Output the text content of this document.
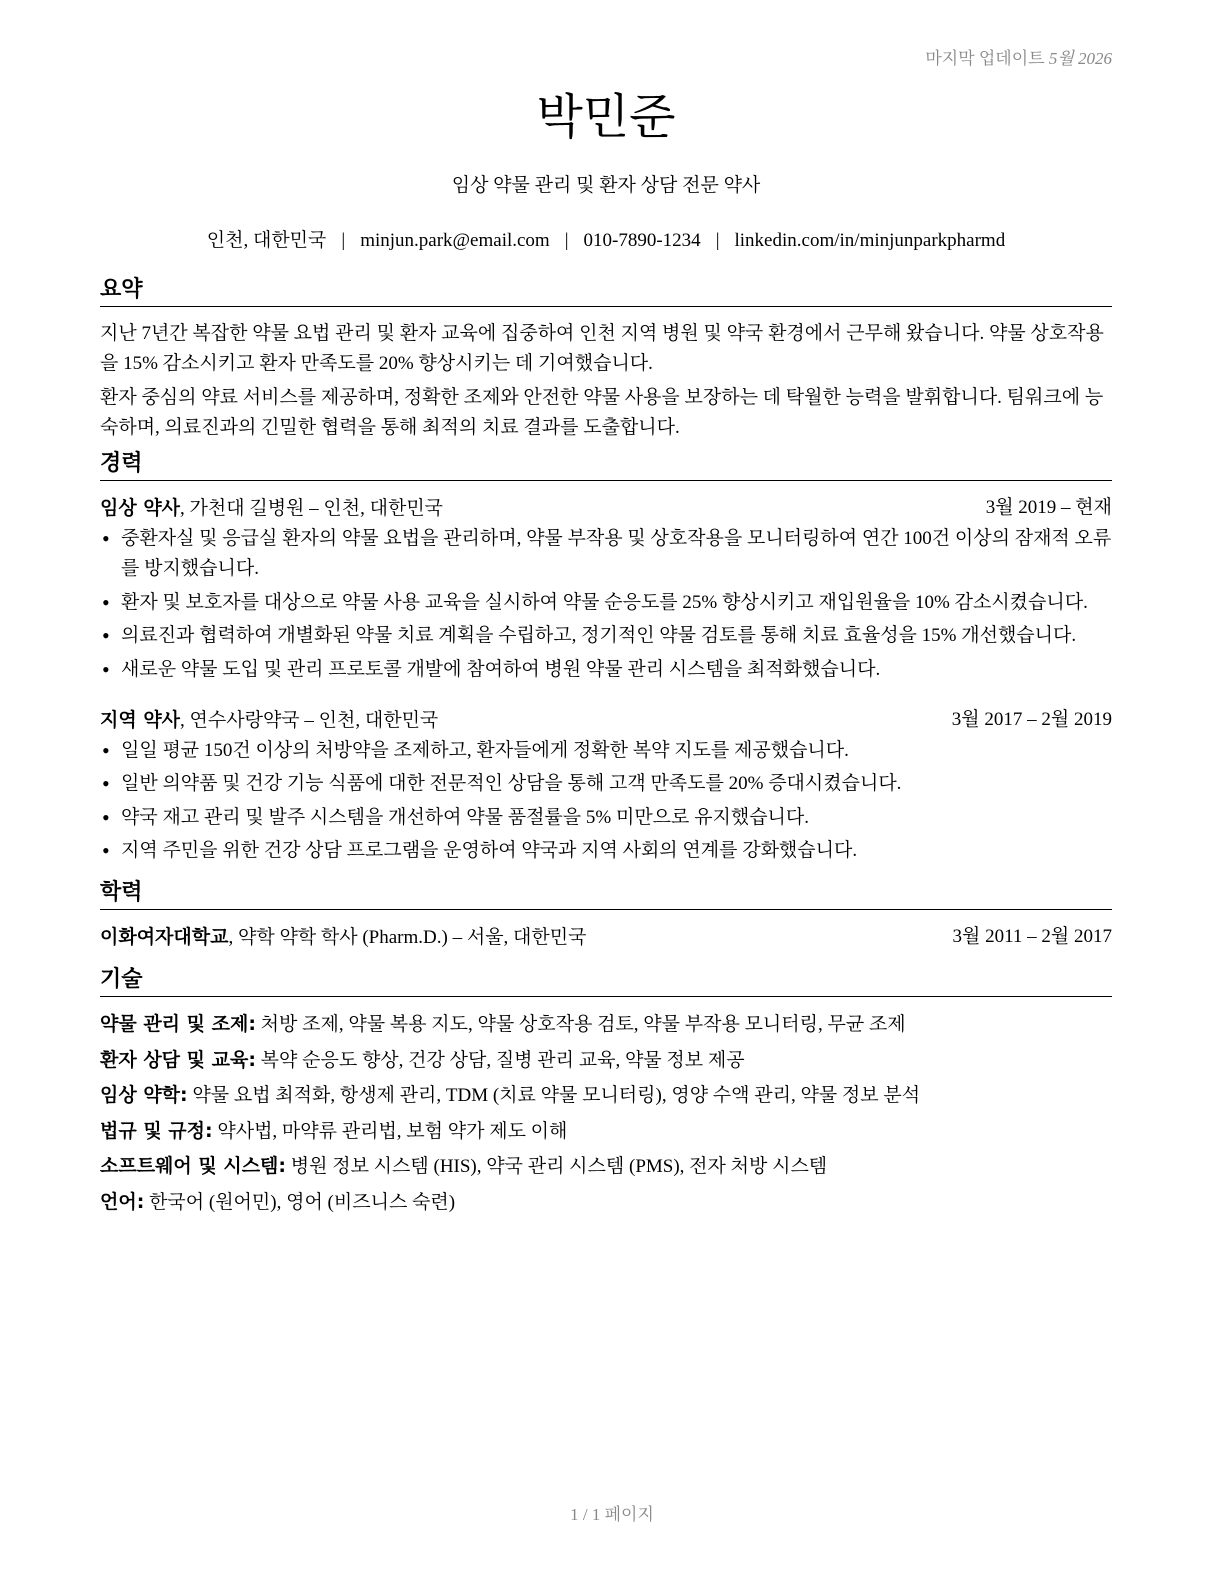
마지막 업데이트 5월 2026
박민준
임상 약물 관리 및 환자 상담 전문 약사
인천, 대한민국 | minjun.park@email.com | 010-7890-1234 | linkedin.com/in/minjunparkpharmd
요약

지난 7년간 복잡한 약물 요법 관리 및 환자 교육에 집중하여 인천 지역 병원 및 약국 환경에서 근무해 왔습니다. 약물 상호작용을 15% 감소시키고 환자 만족도를 20% 향상시키는 데 기여했습니다.

환자 중심의 약료 서비스를 제공하며, 정확한 조제와 안전한 약물 사용을 보장하는 데 탁월한 능력을 발휘합니다. 팀워크에 능숙하며, 의료진과의 긴밀한 협력을 통해 최적의 치료 결과를 도출합니다.

경력
임상 약사, 가천대 길병원 – 인천, 대한민국	3월 2019 – 현재
• 중환자실 및 응급실 환자의 약물 요법을 관리하며, 약물 부작용 및 상호작용을 모니터링하여 연간 100건 이상의 잠재적 오류를 방지했습니다.
• 환자 및 보호자를 대상으로 약물 사용 교육을 실시하여 약물 순응도를 25% 향상시키고 재입원율을 10% 감소시켰습니다.
• 의료진과 협력하여 개별화된 약물 치료 계획을 수립하고, 정기적인 약물 검토를 통해 치료 효율성을 15% 개선했습니다.
• 새로운 약물 도입 및 관리 프로토콜 개발에 참여하여 병원 약물 관리 시스템을 최적화했습니다.
지역 약사, 연수사랑약국 – 인천, 대한민국	3월 2017 – 2월 2019
• 일일 평균 150건 이상의 처방약을 조제하고, 환자들에게 정확한 복약 지도를 제공했습니다.
• 일반 의약품 및 건강 기능 식품에 대한 전문적인 상담을 통해 고객 만족도를 20% 증대시켰습니다.
• 약국 재고 관리 및 발주 시스템을 개선하여 약물 품절률을 5% 미만으로 유지했습니다.
• 지역 주민을 위한 건강 상담 프로그램을 운영하여 약국과 지역 사회의 연계를 강화했습니다.
학력
이화여자대학교, 약학 약학 학사 (Pharm.D.) – 서울, 대한민국	3월 2011 – 2월 2017
기술
약물 관리 및 조제: 처방 조제, 약물 복용 지도, 약물 상호작용 검토, 약물 부작용 모니터링, 무균 조제
환자 상담 및 교육: 복약 순응도 향상, 건강 상담, 질병 관리 교육, 약물 정보 제공
임상 약학: 약물 요법 최적화, 항생제 관리, TDM (치료 약물 모니터링), 영양 수액 관리, 약물 정보 분석
법규 및 규정: 약사법, 마약류 관리법, 보험 약가 제도 이해
소프트웨어 및 시스템: 병원 정보 시스템 (HIS), 약국 관리 시스템 (PMS), 전자 처방 시스템
언어: 한국어 (원어민), 영어 (비즈니스 숙련)
1 / 1 페이지
